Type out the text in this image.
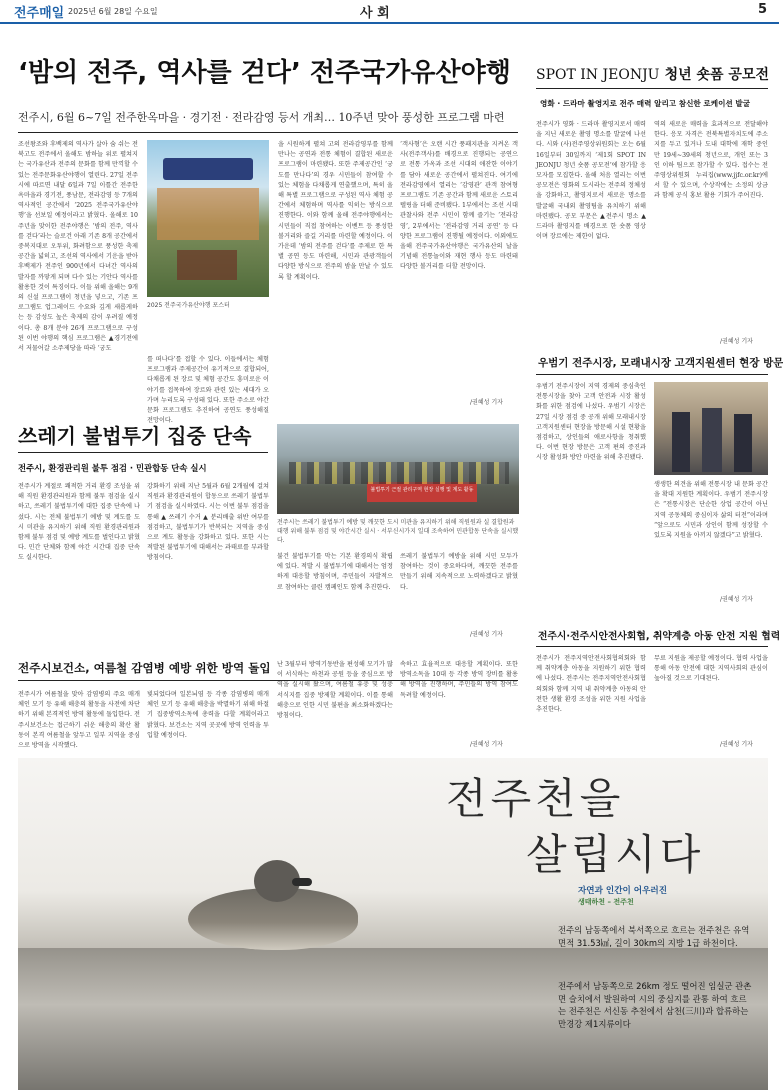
전주매일 2025년 6월 28일 수요일	사 회	5
‘밤의 전주, 역사를 걷다’ 전주국가유산야행
전주시, 6월 6~7일 전주한옥마을 · 경기전 · 전라감영 등서 개최… 10주년 맞아 풍성한 프로그램 마련
조선왕조와 후백제의 역사가 살아 숨 쉬는 전북고도 전주에서 올해도 밤하늘 위로 펼쳐지는 국가유산과 전주의 문화를 함께 만끽할 수 있는 전주문화유산야행이 열린다. 27일 전주시에 따르면 내달 6일과 7일 이틀간 전주한옥마을과 경기전, 풍남문, 전라감영 등 7개의 역사적인 공간에서 ‘2025 전주국가유산야행’을 선보일 예정이라고 밝혔다. 올해로 10주년을 맞이한 전주야행은 ‘밤의 전주, 역사를 걷다’라는 슬로건 아래 기존 8개 공간에서 중복지대로 오투위, 화려함으로 풍성한 축제 공간을 넓히고, 조선의 역사에서 기운을 받아 후백제가 전주인 900년에서 다녀간 역사의 발자를 까맣게 되며 다수 있는 기안다 역사를 활용한 것이 특징이다. 이들 위해 올해는 9개의 신설 프로그램이 청년을 넣으고, 기존 프로그램도 업그레이드 수요와 깊게 새롭게하는 등 감성도 높은 축제의 감이 우려질 예정이다. 총 8개 분야 26개 프로그램으로 구성된 이번 야행의 핵심 프로그램은 ▲경기전에서 저물어갈 소주제당을 따라 ‘궁도
2025 전주국가유산야행 포스터
를 떠나다’를 접할 수 있다. 이들에서는 체험 프로그램과 주제공간이 유기적으로 결합되어, 다채롭게 된 장르 및 체험 공간도 흥미로운 이야기를 접목하여 장르와 관련 있는 세대가 오가며 누리도록 구성돼 있다. 또한 주소로 야간 문화 프로그램도 추진하여 공연도 풍성해질 전망이다.
을 시원하게 펼쳐 고의 전라감영부를 함께 만나는 공연과 전통 체험이 결합된 새로운 프로그램이 마련됐다. 또한 주제공간인 ‘궁도를 만나다’의 경우 시민들이 참여할 수 있는 체험을 다채롭게 연출했으며, 특히 올해 특별 프로그램으로 구성된 역사 체험 공간에서 체험하며 역사를 익히는 방식으로 진행한다. 이와 함께 올해 전주야행에서는 시민들이 직접 참여하는 이벤트 등 풍성한 볼거리와 즐길 거리를 마련할 예정이다. 이 가운데 ‘밤의 전주를 걷다’를 주제로 한 특별 공연 등도 마련해, 시민과 관광객들이 다양한 방식으로 전주의 밤을 만날 수 있도록 할 계획이다.
‘객사형’은 오랜 시간 풍패지관을 지켜온 객사(전주객사)를 배경으로 진행되는 공연으로 전통 가옥과 조선 시대의 애잔한 이야기를 담아 새로운 공간에서 펼쳐진다. 여기에 전라감영에서 열리는 ‘감영관’ 관객 참여형 프로그램도 기존 공간과 함께 새로운 스토리텔링을 더해 준비됐다. 1부에서는 조선 시대 관찰사와 전주 시민이 함께 즐기는 ‘전라감영’, 2부에서는 ‘전라감영 거리 공연’ 등 다양한 프로그램이 진행될 예정이다. 이외에도 올해 전주국가유산야행은 국가유산의 날을 기념해 전통놀이와 재현 행사 등도 마련돼 다양한 볼거리를 더할 전망이다.
/권혜성 기자
SPOT IN JEONJU 청년 숏폼 공모전
영화 · 드라마 촬영지로 전주 매력 알리고 참신한 로케이션 발굴
전주시가 영화 · 드라마 촬영지로서 매력을 지닌 새로운 촬영 명소를 발굴에 나선다. 시와 (사)전주영상위원회는 오는 6월 16일부터 30일까지 ‘제1회 SPOT IN JEONJU 청년 숏폼 공모전’에 참가할 응모자를 모집한다. 올해 처음 열리는 이번 공모전은 영화의 도시라는 전주의 정체성을 강화하고, 촬영지로서 새로운 명소를 발굴해 국내외 촬영팀을 유치하기 위해 마련됐다. 공모 부문은 ▲전주시 명소 ▲드라마 촬영지를 배경으로 한 숏폼 영상이며 장르에는 제한이 없다.
역의 새로운 매력을 효과적으로 전달해야 한다. 응모 자격은 전북특별자치도에 주소지를 두고 있거나 도내 대학에 재학 중인 만 19세~39세의 청년으로, 개인 또는 3인 이하 팀으로 참가할 수 있다. 접수는 전주영상위원회 누리집(www.jjfc.or.kr)에서 할 수 있으며, 수상작에는 소정의 상금과 함께 공식 홍보 활용 기회가 주어진다.
/권혜성 기자
쓰레기 불법투기 집중 단속
전주시, 환경관리원 불투 점검 · 민관합동 단속 실시
전주시가 계절로 쾌적한 거리 환경 조성을 위해 직원 환경관리원과 함께 불투 점검을 실시하고, 쓰레기 불법투기에 대한 집중 단속에 나섰다. 시는 전체 불법투기 예방 및 계도를 도시 미관을 유지하기 위해 직원 환경관리원과 함께 불투 점검 및 예방 계도를 벌인다고 밝혔다. 민간 단체와 함께 야간 시간대 집중 단속도 실시한다.
강화하기 위해 지난 5월과 6월 2개월에 걸쳐 직원과 환경관리원이 합동으로 쓰레기 불법투기 점검을 실시하였다. 시는 이번 불투 점검을 통해 ▲ 쓰레기 수거 ▲ 분리배출 위반 여부를 점검하고, 불법투기가 반복되는 지역을 중심으로 계도 활동을 강화하고 있다. 또한 시는 적발된 불법투기에 대해서는 과태료를 부과할 방침이다.
불법투기 근절 관리구역 현장 실행 및 계도 활동
전주시는 쓰레기 불법투기 예방 및 깨끗한 도시 미관을 유지하기 위해 직원원과 실 결합원과 대행 위해 불투 점검 및 야간시간 실시 · 서부신시가지 일대 조속하여 민관합동 단속을 실시했다.
불건 불법투기를 막는 기본 환경의식 확립에 있다. 적발 시 불법투기에 대해서는 엄정하게 대응할 방침이며, 주민들이 자발적으로 참여하는 클린 캠페인도 함께 추진한다.
쓰레기 불법투기 예방을 위해 시민 모두가 참여하는 것이 중요하다며, 깨끗한 전주를 만들기 위해 지속적으로 노력하겠다고 밝혔다.
/권혜성 기자
우범기 전주시장, 모래내시장 고객지원센터 현장 방문
우범기 전주시장이 지역 경제의 중심축인 전통시장을 찾아 고객 안전과 시장 활성화를 위한 점검에 나섰다. 우범기 시장은 27일 시장 점검 중 공개 위해 모래내시장 고객지원센터 현장을 방문해 시설 현황을 점검하고, 상인들의 애로사항을 청취했다. 이번 현장 방문은 고객 편의 증진과 시장 활성화 방안 마련을 위해 추진됐다.
생생한 의견을 위해 전통시장 내 문화 공간을 확대 지원한 계획이다. 우범기 전주시장은 “전통시장은 단순한 상업 공간이 아닌 지역 공동체의 중심이자 삶의 터전”이라며 “앞으로도 시민과 상인이 함께 성장할 수 있도록 지원을 아끼지 않겠다”고 밝혔다.
/권혜성 기자
전주시보건소, 여름철 감염병 예방 위한 방역 돌입
전주시가 여름철을 맞아 감염병의 주요 매개체인 모기 등 유해 해충의 활동을 사전에 차단하기 위해 본격적인 방역 활동에 돌입한다. 전주시보건소는 접근하기 쉬운 해충의 확산 활동이 본격 여름철을 앞두고 일부 지역을 중심으로 방역을 시작했다.
빛되었다며 일본뇌염 등 각종 감염병의 매개체인 모기 등 유해 해충을 박멸하기 위해 하절기 집중방역소독에 총력을 다할 계획이라고 밝혔다. 보건소는 지역 곳곳에 방역 인력을 투입할 예정이다.
난 3월부터 방역기동반을 편성해 모기가 많이 서식하는 하천과 공원 등을 중심으로 방역을 실시해 왔으며, 여름철 유충 및 성충 서식지를 집중 방제할 계획이다. 이를 통해 해충으로 인한 시민 불편을 최소화하겠다는 방침이다.
속하고 효율적으로 대응할 계획이다. 또한 방역소독을 10대 등 각종 방역 장비를 활용해 방역을 진행하며, 주민들의 방역 참여도 독려할 예정이다.
/권혜성 기자
전주시·전주시안전사회협, 취약계층 아동 안전 지원 협력
전주시가 전주지역안전사회협의회와 함께 취약계층 아동을 지원하기 위한 협력에 나섰다. 전주시는 전주지역안전사회협의회와 함께 지역 내 취약계층 아동의 안전한 생활 환경 조성을 위한 지원 사업을 추진한다.
무료 지원을 제공할 예정이다. 협력 사업을 통해 아동 안전에 대한 지역사회의 관심이 높아질 것으로 기대된다.
/권혜성 기자
전주천을
살립시다
자연과 인간이 어우러진
생태하천 – 전주천
전주의 남동쪽에서 북서쪽으로 흐르는 전주천은 유역면적 31.53㎢, 길이 30km의 지방 1급 하천이다.
전주에서 남동쪽으로 26km 정도 떨어진 임실군 관촌면 슬치에서 발원하여 시의 중심지를 관통 하여 흐르는 전주천은 서신동 추천에서 삼천(三川)과 합류하는 만경강 제1지류이다
